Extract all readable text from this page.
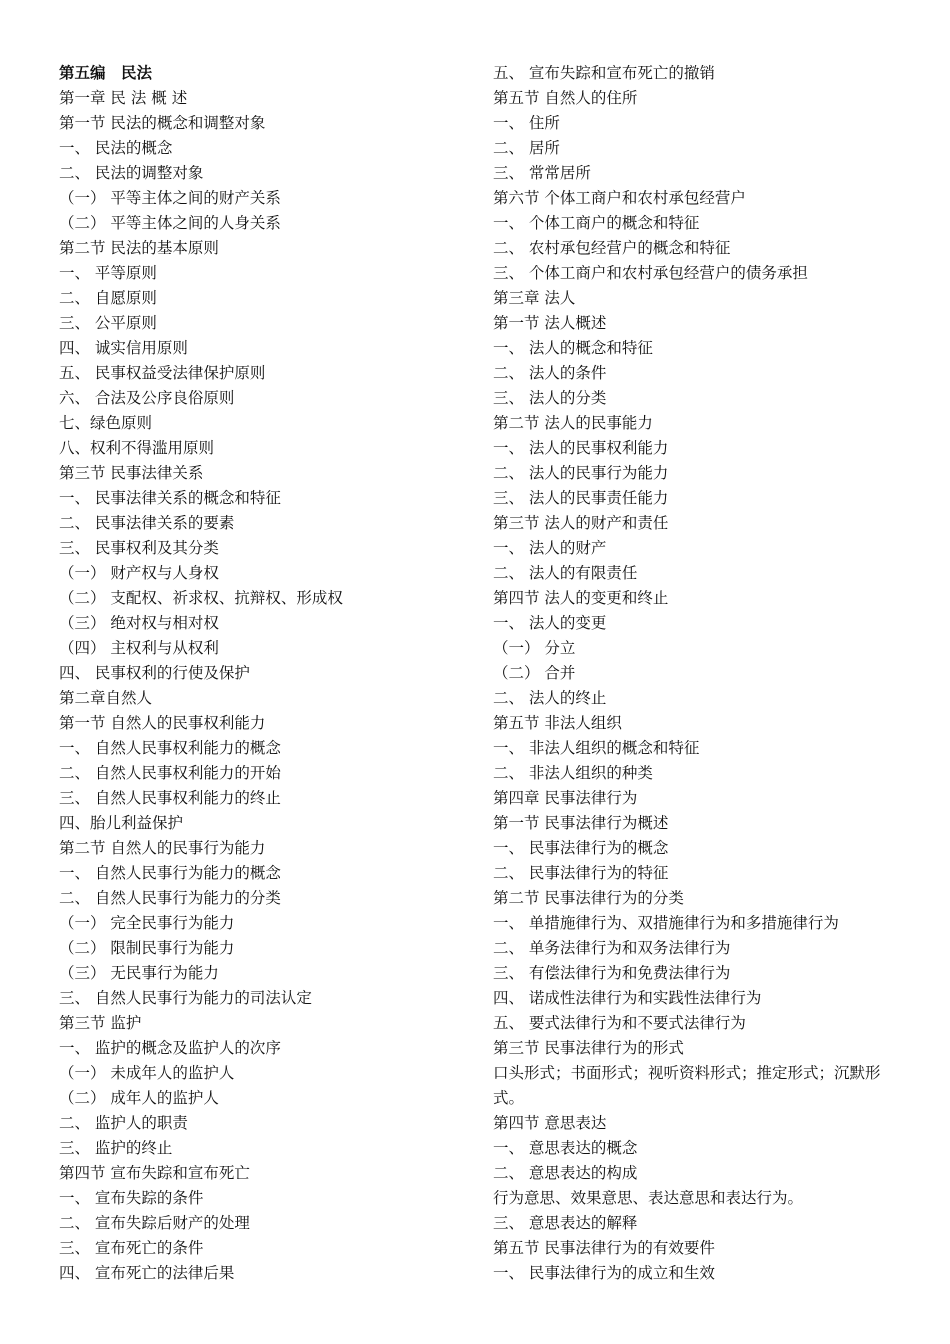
第五编　民法
第一章 民 法 概 述
第一节 民法的概念和调整对象
一、 民法的概念
二、 民法的调整对象
（一） 平等主体之间的财产关系
（二） 平等主体之间的人身关系
第二节 民法的基本原则
一、 平等原则
二、 自愿原则
三、 公平原则
四、 诚实信用原则
五、 民事权益受法律保护原则
六、 合法及公序良俗原则
七、绿色原则
八、权利不得滥用原则
第三节 民事法律关系
一、 民事法律关系的概念和特征
二、 民事法律关系的要素
三、 民事权利及其分类
（一） 财产权与人身权
（二） 支配权、祈求权、抗辩权、形成权
（三） 绝对权与相对权
（四） 主权利与从权利
四、 民事权利的行使及保护
第二章自然人
第一节 自然人的民事权利能力
一、 自然人民事权利能力的概念
二、 自然人民事权利能力的开始
三、 自然人民事权利能力的终止
四、胎儿利益保护
第二节 自然人的民事行为能力
一、 自然人民事行为能力的概念
二、 自然人民事行为能力的分类
（一） 完全民事行为能力
（二） 限制民事行为能力
（三） 无民事行为能力
三、 自然人民事行为能力的司法认定
第三节 监护
一、 监护的概念及监护人的次序
（一） 未成年人的监护人
（二） 成年人的监护人
二、 监护人的职责
三、 监护的终止
第四节 宣布失踪和宣布死亡
一、 宣布失踪的条件
二、 宣布失踪后财产的处理
三、 宣布死亡的条件
四、 宣布死亡的法律后果
五、 宣布失踪和宣布死亡的撤销
第五节 自然人的住所
一、 住所
二、 居所
三、 常常居所
第六节 个体工商户和农村承包经营户
一、 个体工商户的概念和特征
二、 农村承包经营户的概念和特征
三、 个体工商户和农村承包经营户的债务承担
第三章 法人
第一节 法人概述
一、 法人的概念和特征
二、 法人的条件
三、 法人的分类
第二节 法人的民事能力
一、 法人的民事权利能力
二、 法人的民事行为能力
三、 法人的民事责任能力
第三节 法人的财产和责任
一、 法人的财产
二、 法人的有限责任
第四节 法人的变更和终止
一、 法人的变更
（一） 分立
（二） 合并
二、 法人的终止
第五节 非法人组织
一、 非法人组织的概念和特征
二、 非法人组织的种类
第四章 民事法律行为
第一节 民事法律行为概述
一、 民事法律行为的概念
二、 民事法律行为的特征
第二节 民事法律行为的分类
一、 单措施律行为、双措施律行为和多措施律行为
二、 单务法律行为和双务法律行为
三、 有偿法律行为和免费法律行为
四、 诺成性法律行为和实践性法律行为
五、 要式法律行为和不要式法律行为
第三节 民事法律行为的形式
口头形式；书面形式；视听资料形式；推定形式；沉默形式。
第四节 意思表达
一、 意思表达的概念
二、 意思表达的构成
行为意思、效果意思、表达意思和表达行为。
三、 意思表达的解释
第五节 民事法律行为的有效要件
一、 民事法律行为的成立和生效
